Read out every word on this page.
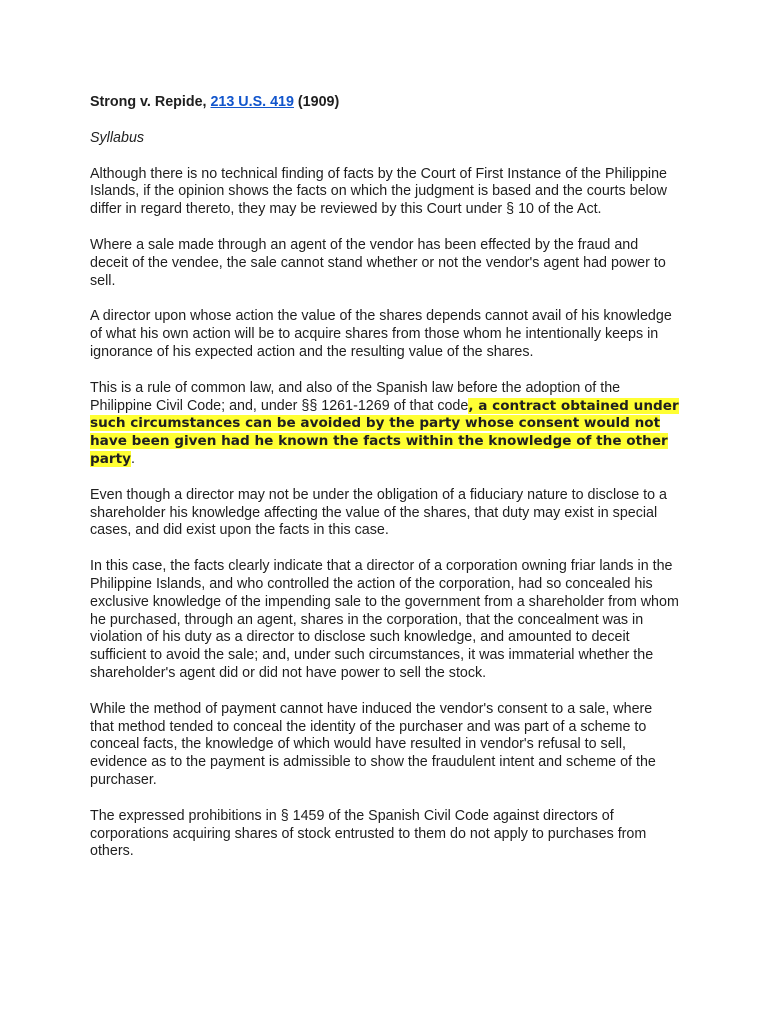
Strong v. Repide, 213 U.S. 419 (1909)
Syllabus

Although there is no technical finding of facts by the Court of First Instance of the Philippine Islands, if the opinion shows the facts on which the judgment is based and the courts below differ in regard thereto, they may be reviewed by this Court under § 10 of the Act.

Where a sale made through an agent of the vendor has been effected by the fraud and deceit of the vendee, the sale cannot stand whether or not the vendor's agent had power to sell.

A director upon whose action the value of the shares depends cannot avail of his knowledge of what his own action will be to acquire shares from those whom he intentionally keeps in ignorance of his expected action and the resulting value of the shares.

This is a rule of common law, and also of the Spanish law before the adoption of the Philippine Civil Code; and, under §§ 1261-1269 of that code, a contract obtained under such circumstances can be avoided by the party whose consent would not have been given had he known the facts within the knowledge of the other party.

Even though a director may not be under the obligation of a fiduciary nature to disclose to a shareholder his knowledge affecting the value of the shares, that duty may exist in special cases, and did exist upon the facts in this case.

In this case, the facts clearly indicate that a director of a corporation owning friar lands in the Philippine Islands, and who controlled the action of the corporation, had so concealed his exclusive knowledge of the impending sale to the government from a shareholder from whom he purchased, through an agent, shares in the corporation, that the concealment was in violation of his duty as a director to disclose such knowledge, and amounted to deceit sufficient to avoid the sale; and, under such circumstances, it was immaterial whether the shareholder's agent did or did not have power to sell the stock.

While the method of payment cannot have induced the vendor's consent to a sale, where that method tended to conceal the identity of the purchaser and was part of a scheme to conceal facts, the knowledge of which would have resulted in vendor's refusal to sell, evidence as to the payment is admissible to show the fraudulent intent and scheme of the purchaser.

The expressed prohibitions in § 1459 of the Spanish Civil Code against directors of corporations acquiring shares of stock entrusted to them do not apply to purchases from others.
